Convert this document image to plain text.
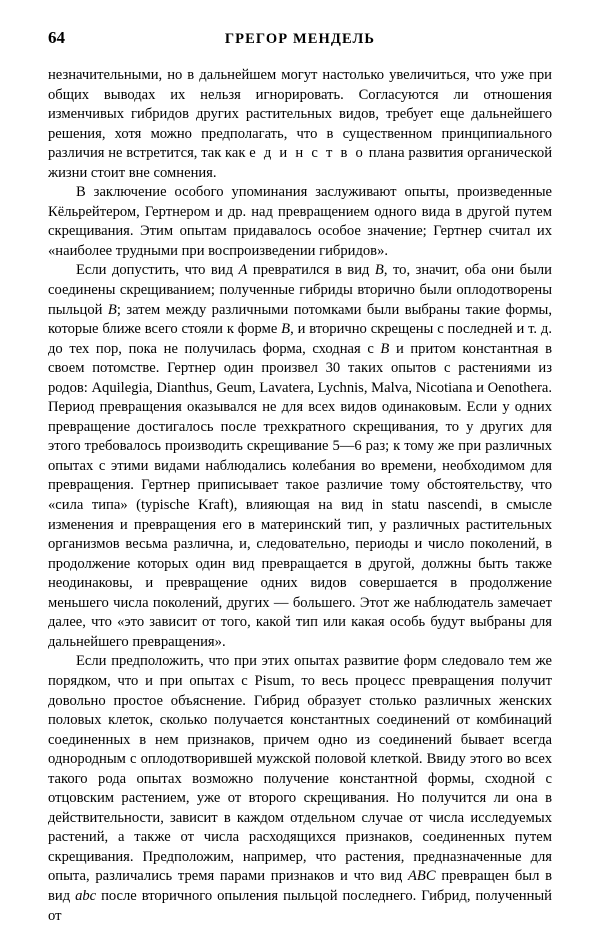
64	ГРЕГОР МЕНДЕЛЬ

незначительными, но в дальнейшем могут настолько увеличиться, что уже при общих выводах их нельзя игнорировать. Согласуются ли отношения изменчивых гибридов других растительных видов, требует еще дальнейшего решения, хотя можно предполагать, что в существенном принципиального различия не встретится, так как е д и н с т в о плана развития органической жизни стоит вне сомнения.

В заключение особого упоминания заслуживают опыты, произведенные Кёльрейтером, Гертнером и др. над превращением одного вида в другой путем скрещивания. Этим опытам придавалось особое значение; Гертнер считал их «наиболее трудными при воспроизведении гибридов».

Если допустить, что вид A превратился в вид B, то, значит, оба они были соединены скрещиванием; полученные гибриды вторично были оплодотворены пыльцой B; затем между различными потомками были выбраны такие формы, которые ближе всего стояли к форме B, и вторично скрещены с последней и т. д. до тех пор, пока не получилась форма, сходная с B и притом константная в своем потомстве. Гертнер один произвел 30 таких опытов с растениями из родов: Aquilegia, Dianthus, Geum, Lavatera, Lychnis, Malva, Nicotiana и Oenothera. Период превращения оказывался не для всех видов одинаковым. Если у одних превращение достигалось после трехкратного скрещивания, то у других для этого требовалось производить скрещивание 5—6 раз; к тому же при различных опытах с этими видами наблюдались колебания во времени, необходимом для превращения. Гертнер приписывает такое различие тому обстоятельству, что «сила типа» (typische Kraft), влияющая на вид in statu nascendi, в смысле изменения и превращения его в материнский тип, у различных растительных организмов весьма различна, и, следовательно, периоды и число поколений, в продолжение которых один вид превращается в другой, должны быть также неодинаковы, и превращение одних видов совершается в продолжение меньшего числа поколений, других — большего. Этот же наблюдатель замечает далее, что «это зависит от того, какой тип или какая особь будут выбраны для дальнейшего превращения».

Если предположить, что при этих опытах развитие форм следовало тем же порядком, что и при опытах с Pisum, то весь процесс превращения получит довольно простое объяснение. Гибрид образует столько различных женских половых клеток, сколько получается константных соединений от комбинаций соединенных в нем признаков, причем одно из соединений бывает всегда однородным с оплодотворившей мужской половой клеткой. Ввиду этого во всех такого рода опытах возможно получение константной формы, сходной с отцовским растением, уже от второго скрещивания. Но получится ли она в действительности, зависит в каждом отдельном случае от числа исследуемых растений, а также от числа расходящихся признаков, соединенных путем скрещивания. Предположим, например, что растения, предназначенные для опыта, различались тремя парами признаков и что вид ABC превращен был в вид abc после вторичного опыления пыльцой последнего. Гибрид, полученный от
